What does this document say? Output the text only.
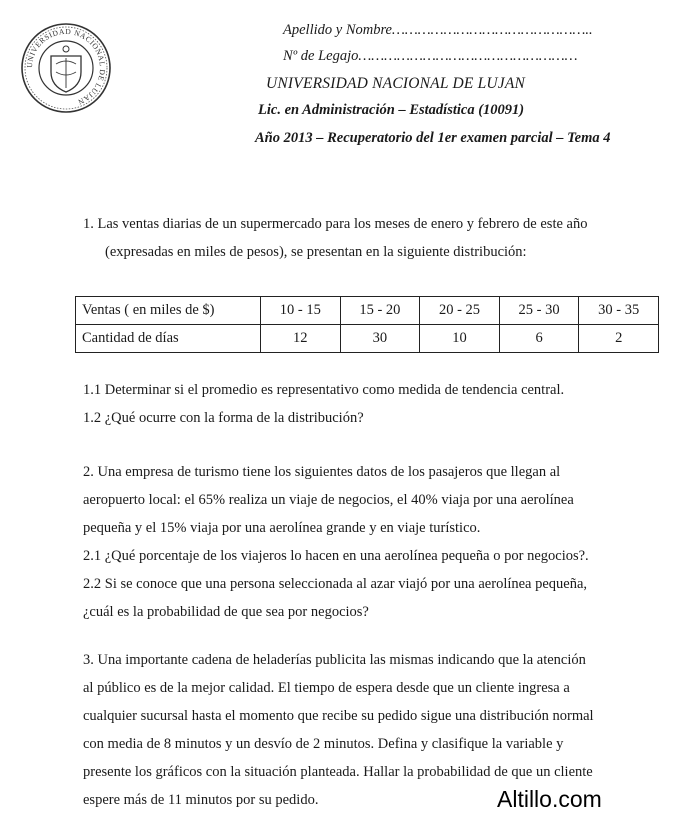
UNIVERSIDAD NACIONAL DE LUJAN
Apellido y Nombre………………………………………..
Nº de Legajo……………………………………………
UNIVERSIDAD NACIONAL DE LUJAN
Lic. en Administración – Estadística (10091)
Año 2013 – Recuperatorio del 1er examen parcial – Tema 4

1. Las ventas diarias de un supermercado para los meses de enero y febrero de este año

(expresadas en miles de pesos), se presentan en la siguiente distribución:

Ventas ( en miles de $)	10 - 15	15 - 20	20 - 25	25 - 30	30 - 35
Cantidad de días	12	30	10	6	2

1.1 Determinar si el promedio es representativo como medida de tendencia central.

1.2 ¿Qué ocurre con la forma de la distribución?

2. Una empresa de turismo tiene los siguientes datos de los pasajeros que llegan al

aeropuerto local: el 65% realiza un viaje de negocios, el 40% viaja por una aerolínea

pequeña y el 15% viaja por una aerolínea grande y en viaje turístico.

2.1 ¿Qué porcentaje de los viajeros lo hacen en una aerolínea pequeña o por negocios?.

2.2 Si se conoce que una persona seleccionada al azar viajó por una aerolínea pequeña,

¿cuál es la probabilidad de que sea por negocios?

3. Una importante cadena de heladerías publicita las mismas indicando que la atención

al público es de la mejor calidad. El tiempo de espera desde que un cliente ingresa a

cualquier sucursal hasta el momento que recibe su pedido sigue una distribución normal

con media de 8 minutos y un desvío de 2 minutos. Defina y clasifique la variable y

presente los gráficos con la situación planteada. Hallar la probabilidad de que un cliente

espere más de 11 minutos por su pedido.	Altillo.com
